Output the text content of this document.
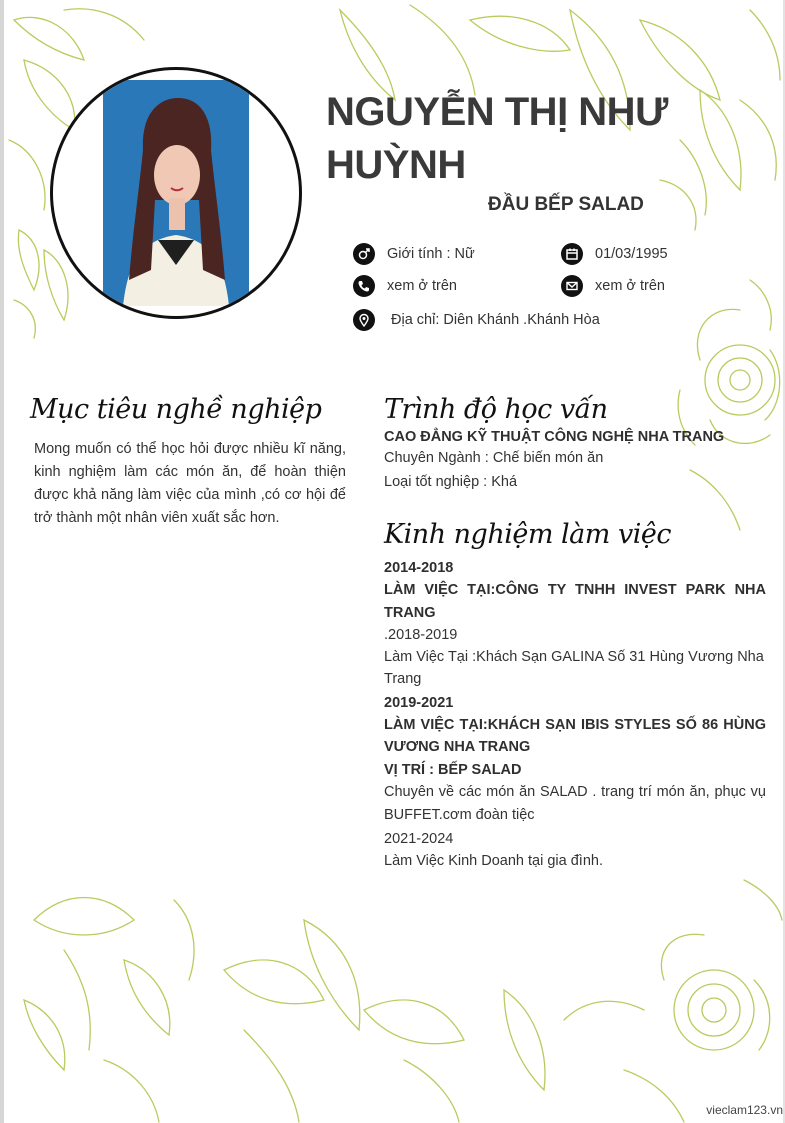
NGUYỄN THỊ NHƯ HUỲNH
ĐẦU BẾP SALAD
Giới tính : Nữ	01/03/1995
xem ở trên	xem ở trên
Địa chỉ: Diên Khánh .Khánh Hòa
Mục tiêu nghề nghiệp
Mong muốn có thể học hỏi được nhiều kĩ năng, kinh nghiệm làm các món ăn, để hoàn thiện được khả năng làm việc của mình ,có cơ hội để trở thành một nhân viên xuất sắc hơn.
Trình độ học vấn
CAO ĐẲNG KỸ THUẬT CÔNG NGHỆ NHA TRANG
Chuyên Ngành : Chế biến món ăn
Loại tốt nghiệp : Khá
Kinh nghiệm làm việc
2014-2018
LÀM VIỆC TẠI:CÔNG TY TNHH INVEST PARK NHA TRANG
.2018-2019
Làm Việc Tại :Khách Sạn GALINA Số 31 Hùng Vương Nha Trang
2019-2021
LÀM VIỆC TẠI:KHÁCH SẠN IBIS STYLES SỐ 86 HÙNG VƯƠNG NHA TRANG
VỊ TRÍ : BẾP SALAD
Chuyên về các món ăn SALAD . trang trí món ăn, phục vụ BUFFET.cơm đoàn tiệc
2021-2024
Làm Việc Kinh Doanh tại gia đình.
vieclam123.vn
